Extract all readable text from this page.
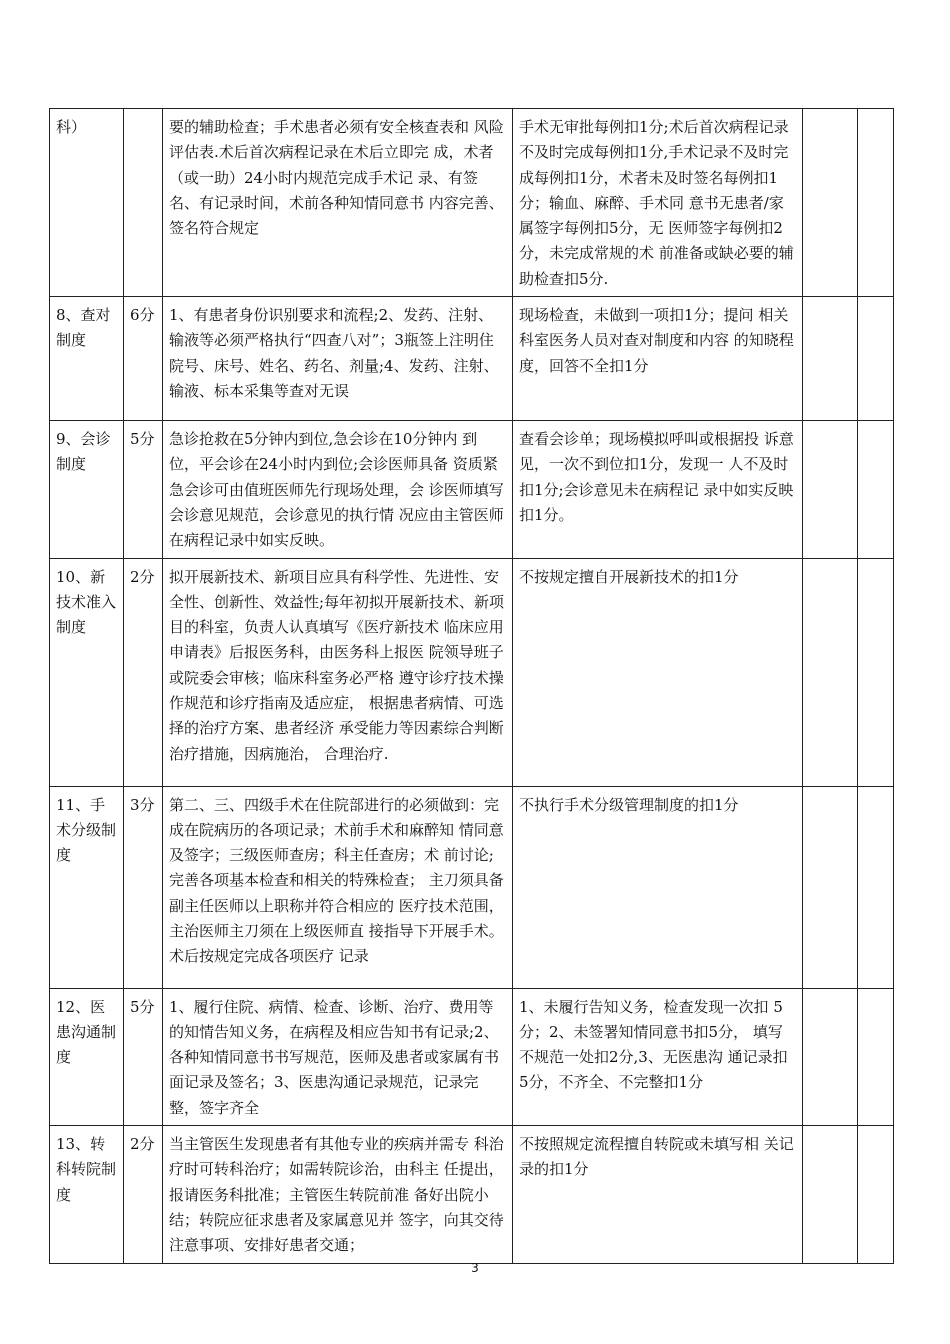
科）		要的辅助检查；手术患者必须有安全核查表和 风险评估表.术后首次病程记录在术后立即完 成，术者（或一助）24小时内规范完成手术记 录、有签名、有记录时间，术前各种知情同意书 内容完善、签名符合规定	手术无审批每例扣1分;术后首次病程记录不及时完成每例扣1分,手术记录不及时完成每例扣1分，术者未及时签名每例扣1分；输血、麻醉、手术同 意书无患者/家属签字每例扣5分，无 医师签字每例扣2分，未完成常规的术 前准备或缺必要的辅助检查扣5分.		
8、查对制度	6分	1、有患者身份识别要求和流程;2、发药、注射、输液等必须严格执行“四查八对”；3瓶签上注明住院号、床号、姓名、药名、剂量;4、发药、注射、输液、标本采集等查对无误	现场检查，未做到一项扣1分；提问 相关科室医务人员对查对制度和内容 的知晓程度，回答不全扣1分		
9、会诊制度	5分	急诊抢救在5分钟内到位,急会诊在10分钟内 到位，平会诊在24小时内到位;会诊医师具备 资质紧急会诊可由值班医师先行现场处理，会 诊医师填写会诊意见规范，会诊意见的执行情 况应由主管医师在病程记录中如实反映。	查看会诊单；现场模拟呼叫或根据投 诉意见，一次不到位扣1分，发现一 人不及时扣1分;会诊意见未在病程记 录中如实反映扣1分。		
10、新技术准入制度	2分	拟开展新技术、新项目应具有科学性、先进性、安全性、创新性、效益性;每年初拟开展新技术、新项目的科室，负责人认真填写《医疗新技术 临床应用申请表》后报医务科，由医务科上报医 院领导班子或院委会审核；临床科室务必严格 遵守诊疗技术操作规范和诊疗指南及适应症， 根据患者病情、可选择的治疗方案、患者经济 承受能力等因素综合判断治疗措施，因病施治， 合理治疗.	不按规定擅自开展新技术的扣1分		
11、手术分级制度	3分	第二、三、四级手术在住院部进行的必须做到：完成在院病历的各项记录；术前手术和麻醉知 情同意及签字；三级医师查房；科主任查房；术 前讨论;完善各项基本检查和相关的特殊检查； 主刀须具备副主任医师以上职称并符合相应的 医疗技术范围，主治医师主刀须在上级医师直 接指导下开展手术。术后按规定完成各项医疗 记录	不执行手术分级管理制度的扣1分		
12、医患沟通制度	5分	1、履行住院、病情、检查、诊断、治疗、费用等的知情告知义务，在病程及相应告知书有记录;2、各种知情同意书书写规范，医师及患者或家属有书面记录及签名；3、医患沟通记录规范，记录完整，签字齐全	1、未履行告知义务，检查发现一次扣 5分；2、未签署知情同意书扣5分， 填写不规范一处扣2分,3、无医患沟 通记录扣5分，不齐全、不完整扣1分		
13、转科转院制度	2分	当主管医生发现患者有其他专业的疾病并需专 科治疗时可转科治疗；如需转院诊治，由科主 任提出，报请医务科批准；主管医生转院前准 备好出院小结；转院应征求患者及家属意见并 签字，向其交待注意事项、安排好患者交通；	不按照规定流程擅自转院或未填写相 关记录的扣1分		
3
